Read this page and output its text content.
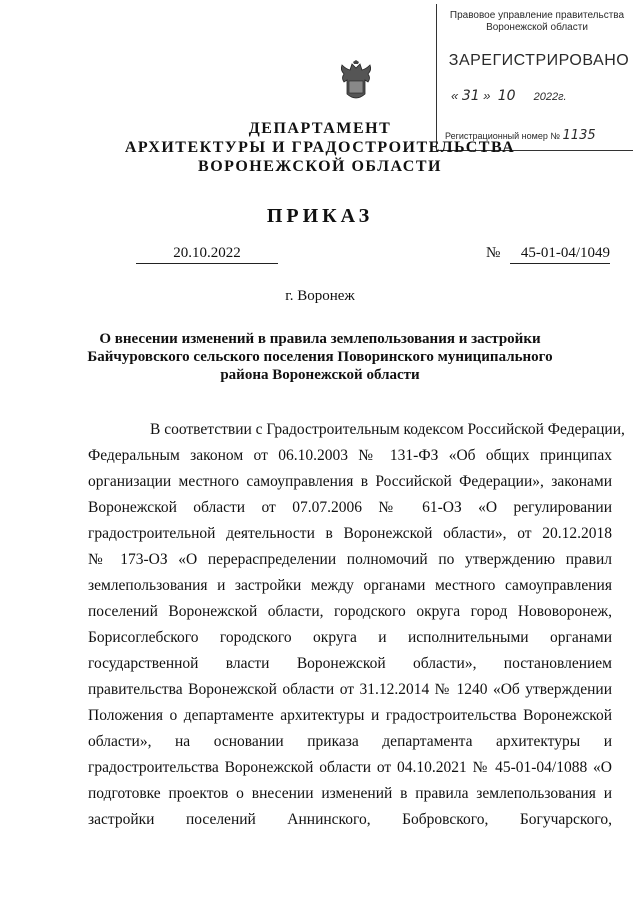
Правовое управление правительства
Воронежской области
ЗАРЕГИСТРИРОВАНО
« 31 »  10 2022г.
Регистрационный номер № 1135
ДЕПАРТАМЕНТ
АРХИТЕКТУРЫ И ГРАДОСТРОИТЕЛЬСТВА
ВОРОНЕЖСКОЙ ОБЛАСТИ
ПРИКАЗ
20.10.2022	№	45-01-04/1049
г. Воронеж
О внесении изменений в правила землепользования и застройки
Байчуровского сельского поселения Поворинского муниципального
района Воронежской области
В соответствии с Градостроительным кодексом Российской Федерации,
Федеральным законом от 06.10.2003 № 131-ФЗ «Об общих принципах
организации местного самоуправления в Российской Федерации», законами
Воронежской области от 07.07.2006 № 61-ОЗ «О регулировании
градостроительной деятельности в Воронежской области», от 20.12.2018
№ 173-ОЗ «О перераспределении полномочий по утверждению правил
землепользования и застройки между органами местного самоуправления
поселений Воронежской области, городского округа город Нововоронеж,
Борисоглебского городского округа и исполнительными органами
государственной власти Воронежской области», постановлением
правительства Воронежской области от 31.12.2014 № 1240 «Об утверждении
Положения о департаменте архитектуры и градостроительства Воронежской
области», на основании приказа департамента архитектуры и
градостроительства Воронежской области от 04.10.2021 № 45-01-04/1088 «О
подготовке проектов о внесении изменений в правила землепользования и
застройки поселений Аннинского, Бобровского, Богучарского,
